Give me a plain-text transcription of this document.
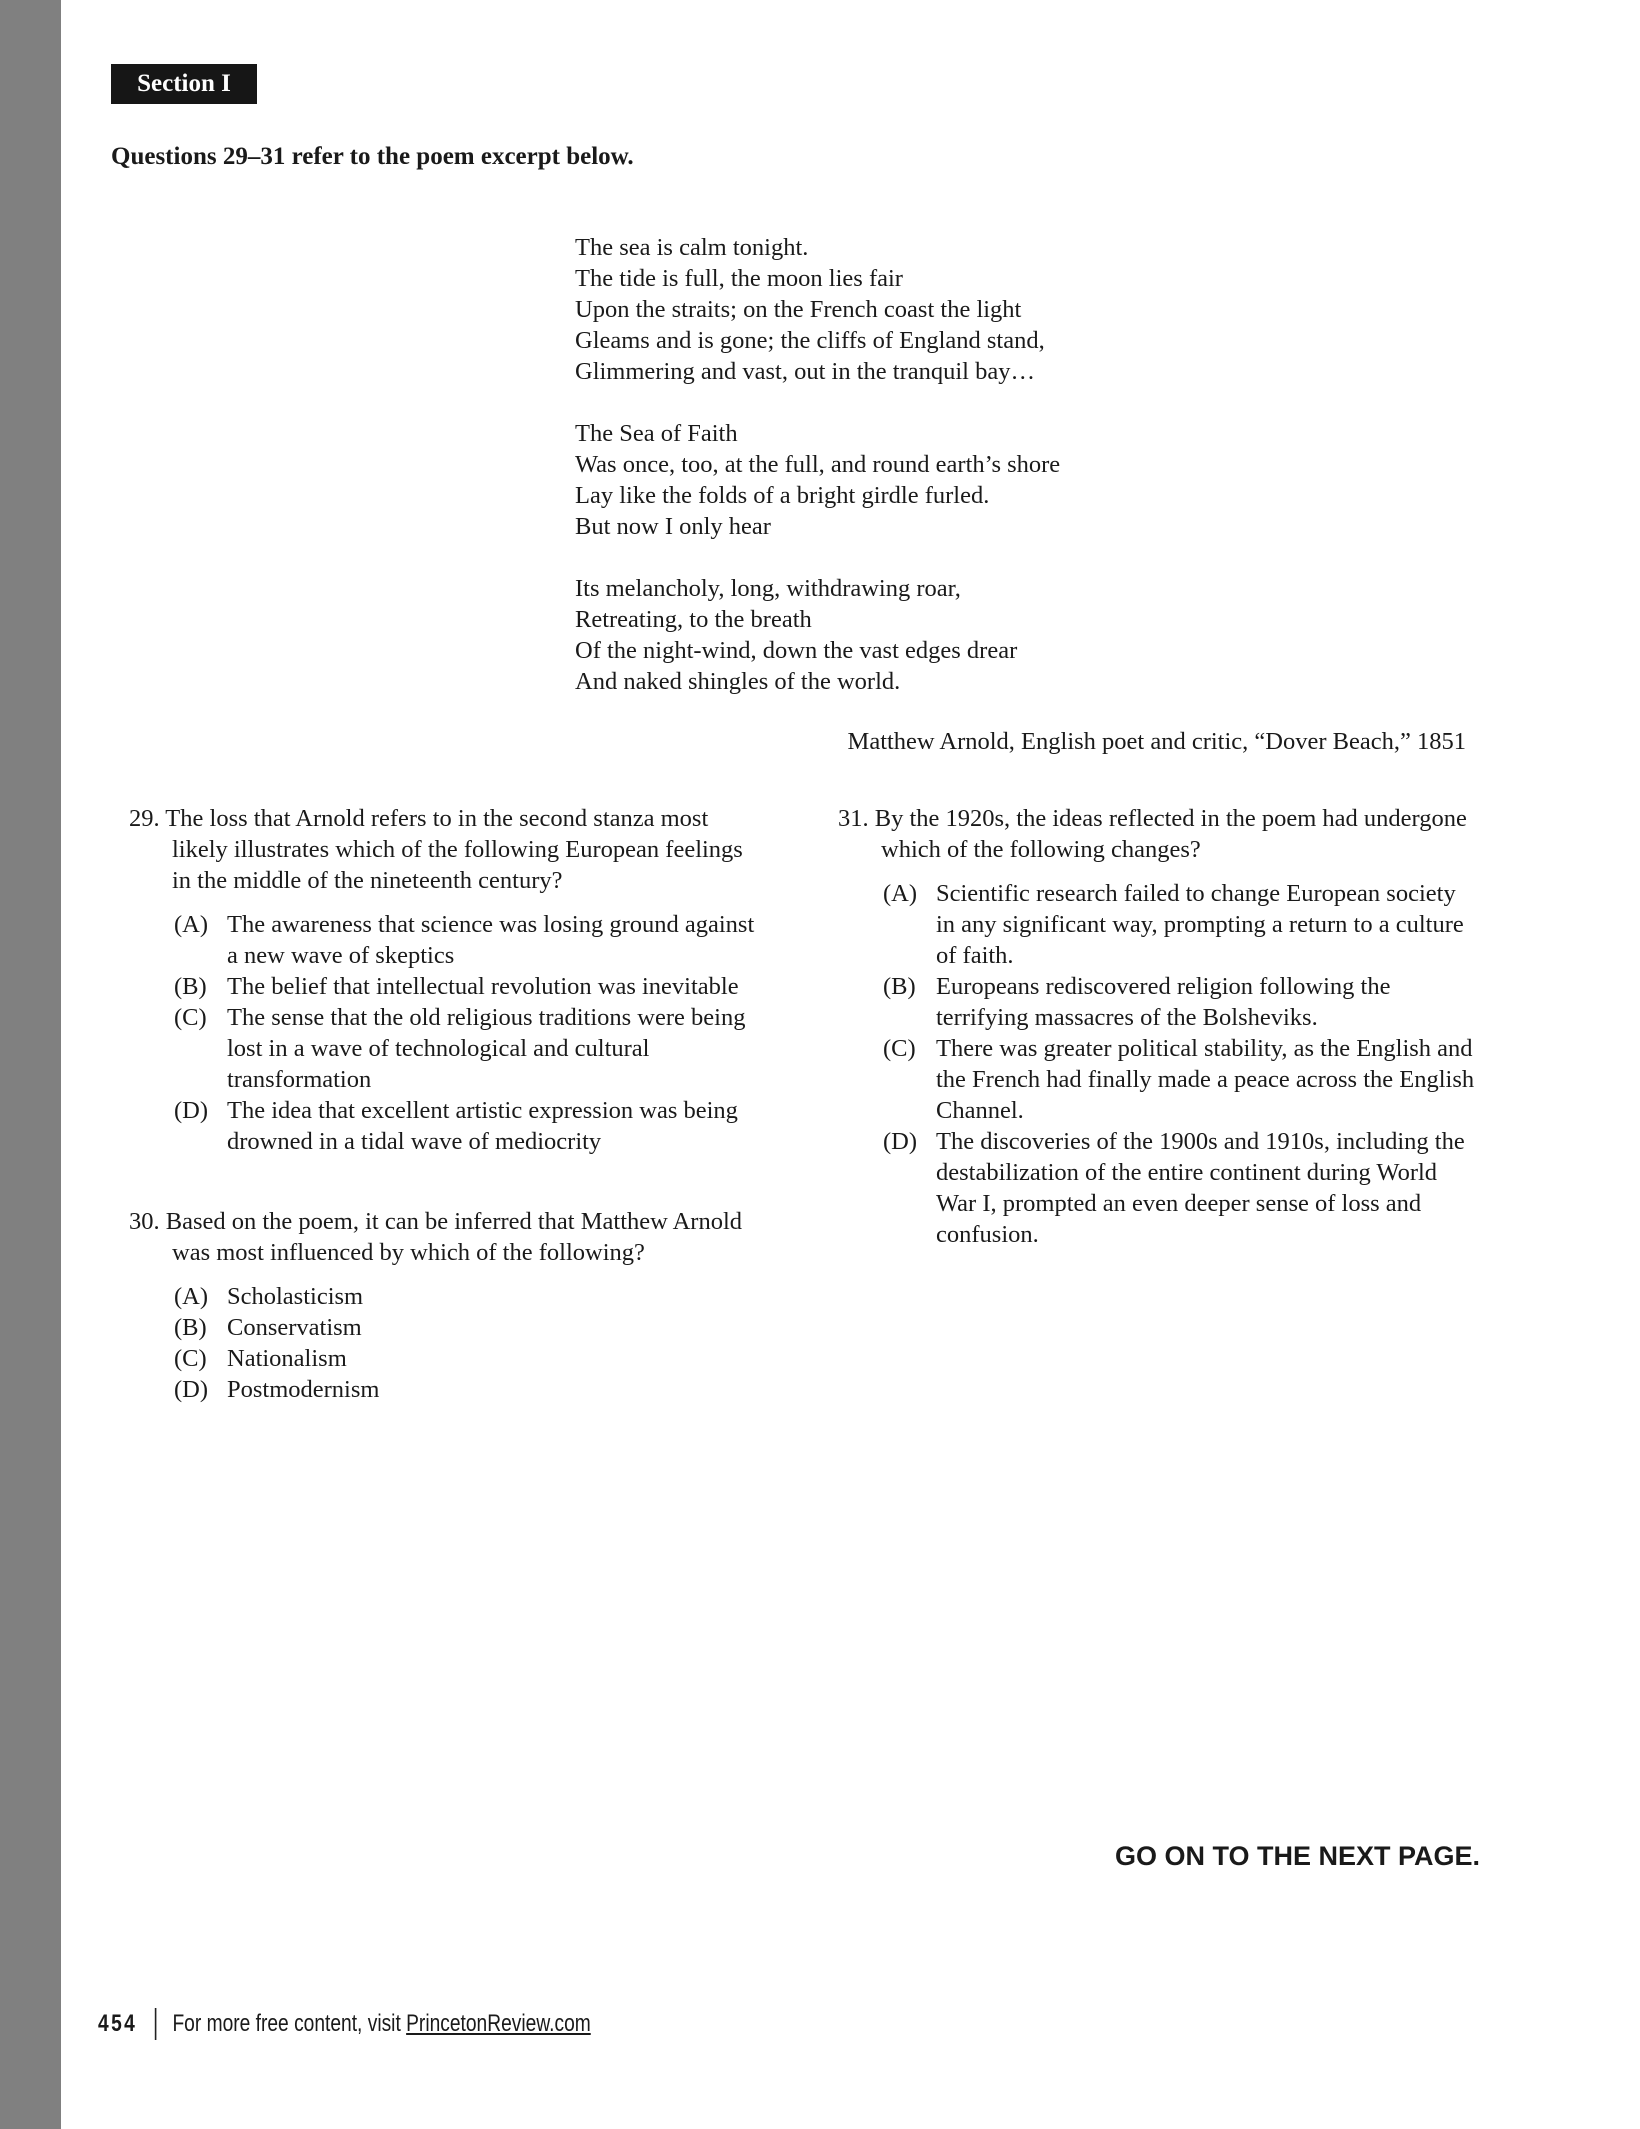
Section I
Questions 29–31 refer to the poem excerpt below.
The sea is calm tonight.
The tide is full, the moon lies fair
Upon the straits; on the French coast the light
Gleams and is gone; the cliffs of England stand,
Glimmering and vast, out in the tranquil bay…
The Sea of Faith
Was once, too, at the full, and round earth’s shore
Lay like the folds of a bright girdle furled.
But now I only hear
Its melancholy, long, withdrawing roar,
Retreating, to the breath
Of the night-wind, down the vast edges drear
And naked shingles of the world.
Matthew Arnold, English poet and critic, “Dover Beach,” 1851
29. The loss that Arnold refers to in the second stanza most likely illustrates which of the following European feelings in the middle of the nineteenth century?
(A) The awareness that science was losing ground against a new wave of skeptics
(B) The belief that intellectual revolution was inevitable
(C) The sense that the old religious traditions were being lost in a wave of technological and cultural transformation
(D) The idea that excellent artistic expression was being drowned in a tidal wave of mediocrity
30. Based on the poem, it can be inferred that Matthew Arnold was most influenced by which of the following?
(A) Scholasticism
(B) Conservatism
(C) Nationalism
(D) Postmodernism
31. By the 1920s, the ideas reflected in the poem had undergone which of the following changes?
(A) Scientific research failed to change European society in any significant way, prompting a return to a culture of faith.
(B) Europeans rediscovered religion following the terrifying massacres of the Bolsheviks.
(C) There was greater political stability, as the English and the French had finally made a peace across the English Channel.
(D) The discoveries of the 1900s and 1910s, including the destabilization of the entire continent during World War I, prompted an even deeper sense of loss and confusion.
GO ON TO THE NEXT PAGE.
454 For more free content, visit
PrincetonReview.com
